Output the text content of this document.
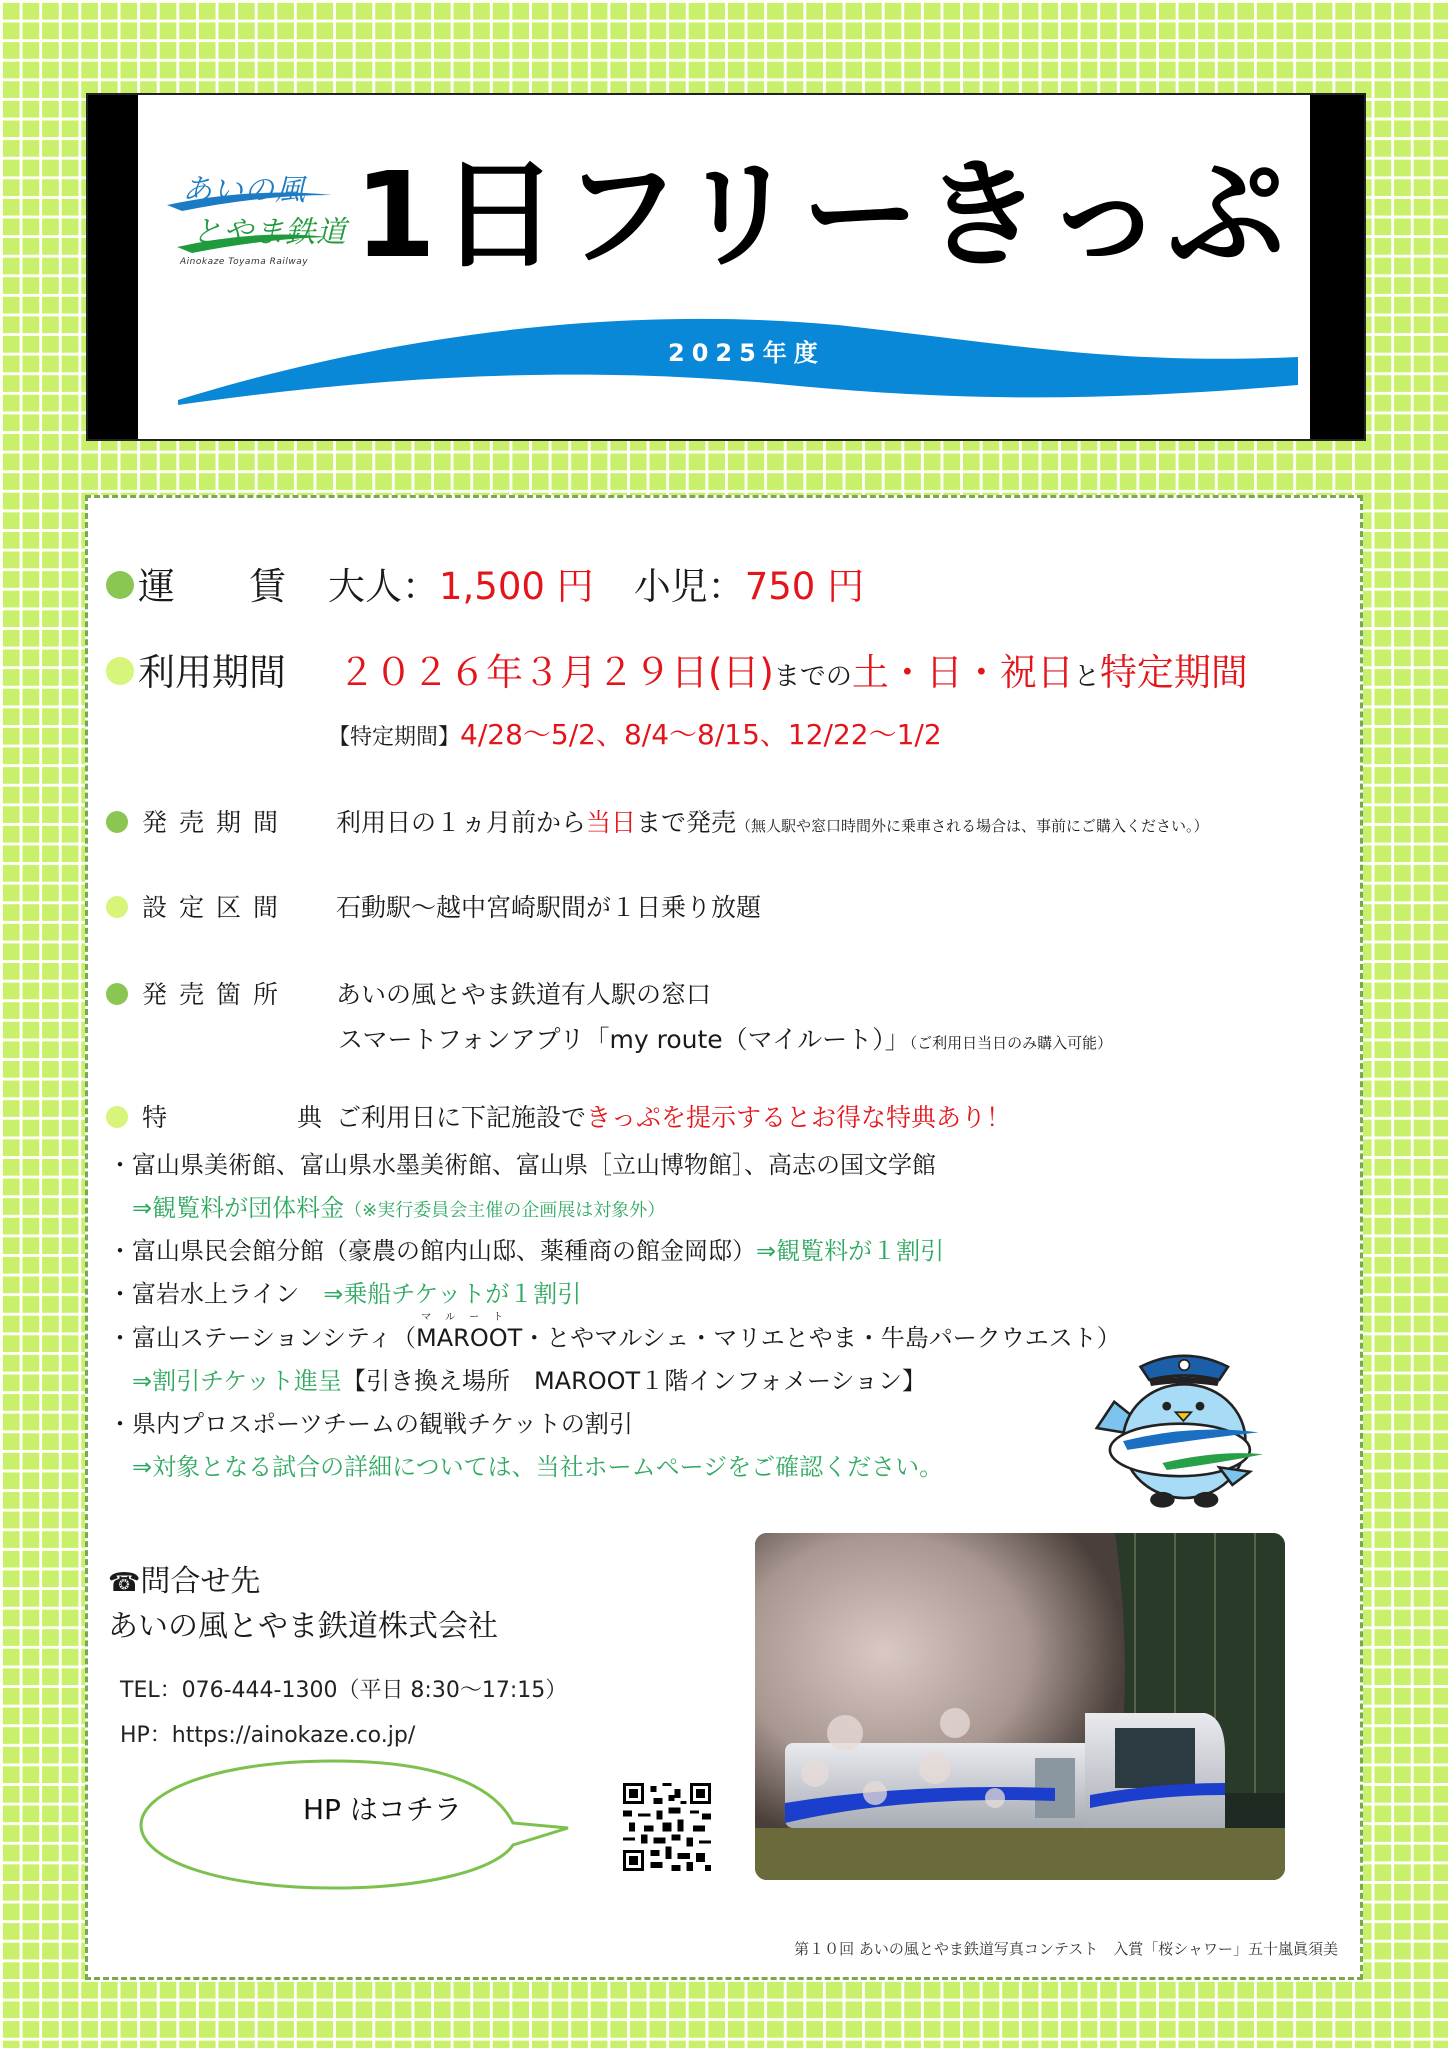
あいの風
とやま鉄道
Ainokaze Toyama Railway 1日フリーきっぷ
2025年度
運　　賃 大人：1,500 円 小児：750 円
利用期間 ２０２６年３月２９日(日)までの土・日・祝日と特定期間
【特定期間】4/28～5/2、8/4～8/15、12/22～1/2
発売期間 利用日の１ヵ月前から当日まで発売（無人駅や窓口時間外に乗車される場合は、事前にご購入ください。）
設定区間 石動駅～越中宮崎駅間が１日乗り放題
発売箇所 あいの風とやま鉄道有人駅の窓口
スマートフォンアプリ「my route（マイルート）」（ご利用日当日のみ購入可能）
特	典 ご利用日に下記施設できっぷを提示するとお得な特典あり！
・富山県美術館、富山県水墨美術館、富山県［立山博物館］、高志の国文学館
⇒観覧料が団体料金（※実行委員会主催の企画展は対象外）
・富山県民会館分館（豪農の館内山邸、薬種商の館金岡邸）⇒観覧料が１割引
・富岩水上ライン　⇒乗船チケットが１割引
・富山ステーションシティ（
マルート
MAROOT・とやマルシェ・マリエとやま・牛島パークウエスト）
⇒割引チケット進呈【引き換え場所　MAROOT１階インフォメーション】
・県内プロスポーツチームの観戦チケットの割引
⇒対象となる試合の詳細については、当社ホームページをご確認ください。
☎問合せ先
あいの風とやま鉄道株式会社
TEL：076-444-1300（平日 8:30～17:15）
HP：https://ainokaze.co.jp/
HP はコチラ
第１０回 あいの風とやま鉄道写真コンテスト　入賞「桜シャワー」五十嵐眞須美
